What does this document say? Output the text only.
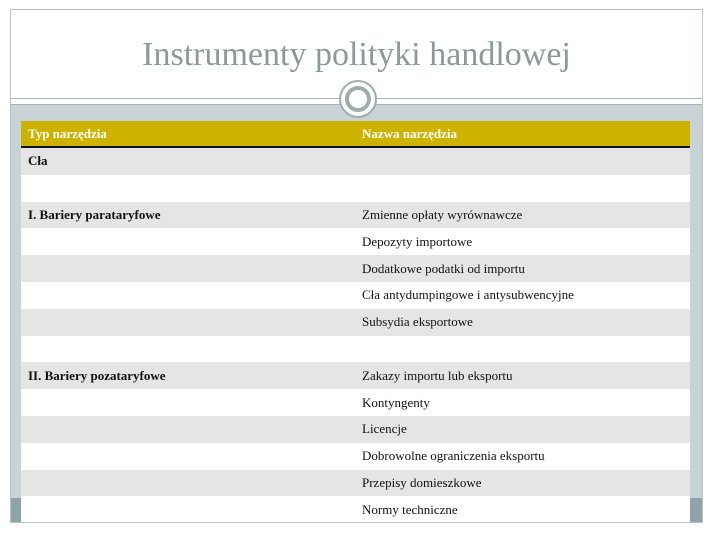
Instrumenty polityki handlowej
Typ narzędzia	Nazwa narzędzia
Cła	

I. Bariery parataryfowe	Zmienne opłaty wyrównawcze
	Depozyty importowe
	Dodatkowe podatki od importu
	Cła antydumpingowe i antysubwencyjne
	Subsydia eksportowe

II. Bariery pozataryfowe	Zakazy importu lub eksportu
	Kontyngenty
	Licencje
	Dobrowolne ograniczenia eksportu
	Przepisy domieszkowe
	Normy techniczne
